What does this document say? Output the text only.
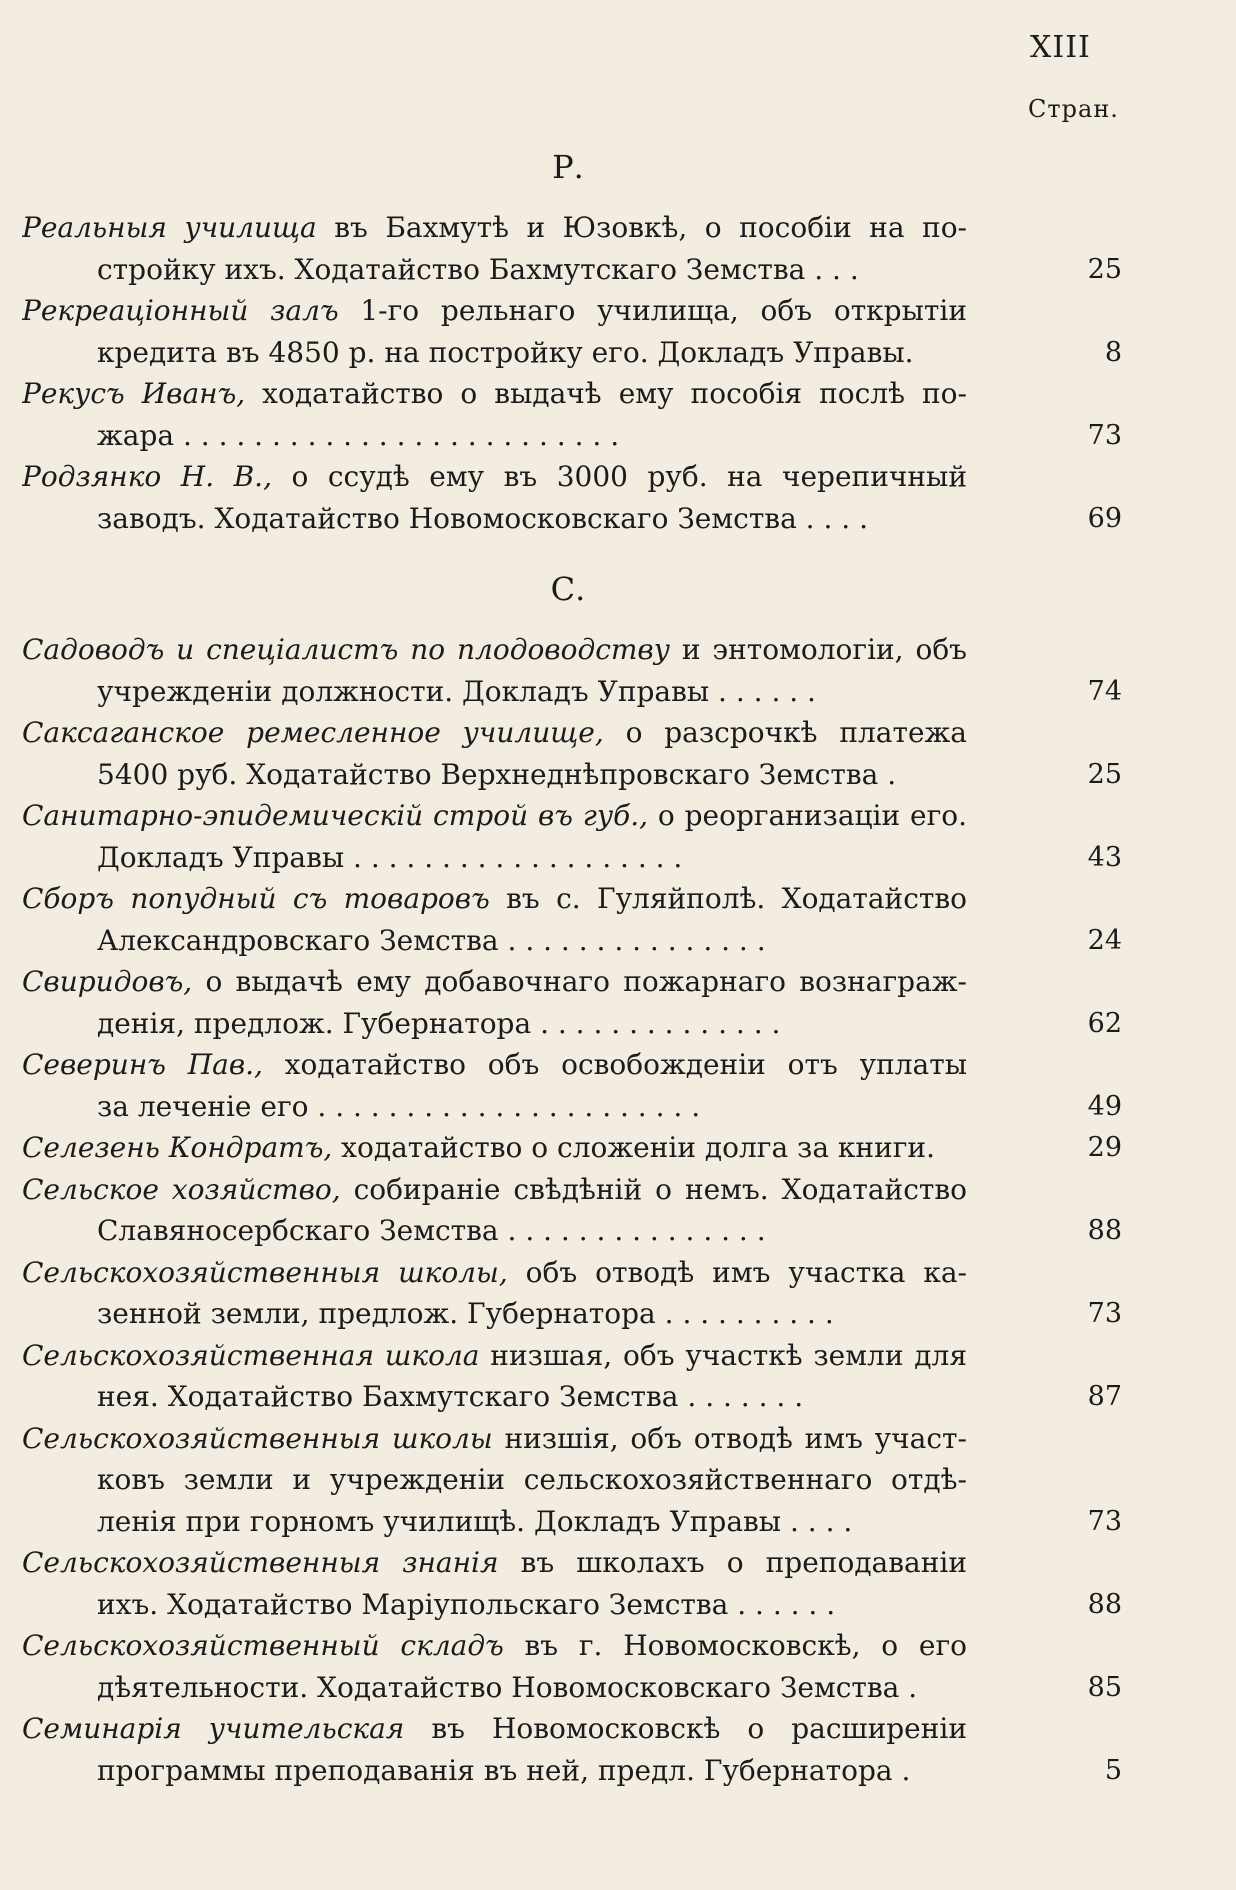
XIII
Стран.
Р.
Реальныя училища въ Бахмутѣ и Юзовкѣ, о пособіи на по-
стройку ихъ. Ходатайство Бахмутскаго Земства . . .	25
Рекреаціонный залъ 1-го рельнаго училища, объ открытіи
кредита въ 4850 р. на постройку его. Докладъ Управы.	8
Рекусъ Иванъ, ходатайство о выдачѣ ему пособія послѣ по-
жара . . . . . . . . . . . . . . . . . . . . . . . . .	73
Родзянко Н. В., о ссудѣ ему въ 3000 руб. на черепичный
заводъ. Ходатайство Новомосковскаго Земства . . . .	69
С.
Садоводъ и спеціалистъ по плодоводству и энтомологіи, объ
учрежденіи должности. Докладъ Управы . . . . . .	74
Саксаганское ремесленное училище, о разсрочкѣ платежа
5400 руб. Ходатайство Верхнеднѣпровскаго Земства .	25
Санитарно-эпидемическій строй въ губ., о реорганизаціи его.
Докладъ Управы . . . . . . . . . . . . . . . . . . .	43
Сборъ попудный съ товаровъ въ с. Гуляйполѣ. Ходатайство
Александровскаго Земства . . . . . . . . . . . . . . .	24
Свиридовъ, о выдачѣ ему добавочнаго пожарнаго вознаграж-
денія, предлож. Губернатора . . . . . . . . . . . . . .	62
Северинъ Пав., ходатайство объ освобожденіи отъ уплаты
за леченіе его . . . . . . . . . . . . . . . . . . . . . .	49
Селезень Кондратъ, ходатайство о сложеніи долга за книги.	29
Сельское хозяйство, собираніе свѣдѣній о немъ. Ходатайство
Славяносербскаго Земства . . . . . . . . . . . . . . .	88
Сельскохозяйственныя школы, объ отводѣ имъ участка ка-
зенной земли, предлож. Губернатора . . . . . . . . . .	73
Сельскохозяйственная школа низшая, объ участкѣ земли для
нея. Ходатайство Бахмутскаго Земства . . . . . . .	87
Сельскохозяйственныя школы низшія, объ отводѣ имъ участ-
ковъ земли и учрежденіи сельскохозяйственнаго отдѣ-
ленія при горномъ училищѣ. Докладъ Управы . . . .	73
Сельскохозяйственныя знанія въ школахъ о преподаваніи
ихъ. Ходатайство Маріупольскаго Земства . . . . . .	88
Сельскохозяйственный складъ въ г. Новомосковскѣ, о его
дѣятельности. Ходатайство Новомосковскаго Земства .	85
Семинарія учительская въ Новомосковскѣ о расширеніи
программы преподаванія въ ней, предл. Губернатора .	5
